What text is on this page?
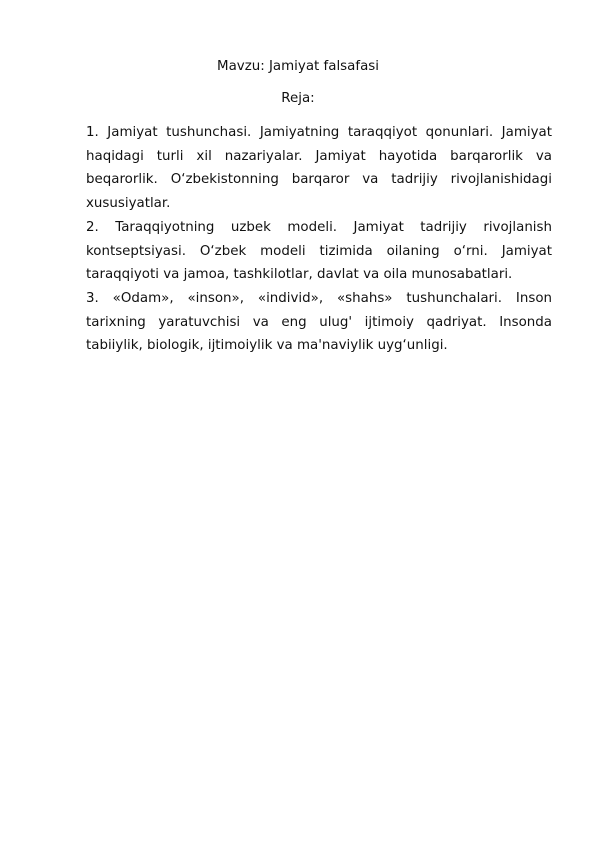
Mavzu: Jamiyat falsafasi

Reja:

1. Jamiyat tushunchasi. Jamiyatning taraqqiyot qonunlari. Jamiyat haqidagi turli xil nazariyalar. Jamiyat hayotida barqarorlik va beqarorlik. O‘zbekistonning barqaror va tadrijiy rivojlanishidagi xususiyatlar.

2. Taraqqiyotning uzbek modeli. Jamiyat tadrijiy rivojlanish kontseptsiyasi. O‘zbek modeli tizimida oilaning o‘rni. Jamiyat taraqqiyoti va jamoa, tashkilotlar, davlat va oila munosabatlari.

3. «Odam», «inson», «individ», «shahs» tushunchalari. Inson tarixning yaratuvchisi va eng ulug' ijtimoiy qadriyat. Insonda tabiiylik, biologik, ijtimoiylik va ma'naviylik uyg‘unligi.
